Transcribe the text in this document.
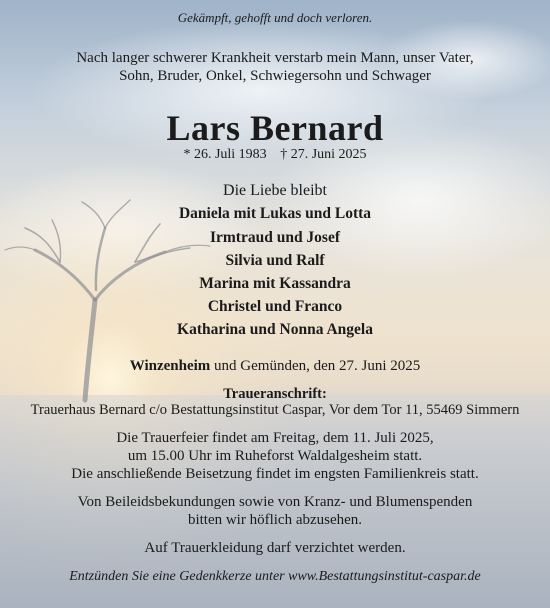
Gekämpft, gehofft und doch verloren.
Nach langer schwerer Krankheit verstarb mein Mann, unser Vater,
Sohn, Bruder, Onkel, Schwiegersohn und Schwager
Lars Bernard
* 26. Juli 1983 † 27. Juni 2025
Die Liebe bleibt
Daniela mit Lukas und Lotta
Irmtraud und Josef
Silvia und Ralf
Marina mit Kassandra
Christel und Franco
Katharina und Nonna Angela
Winzenheim und Gemünden, den 27. Juni 2025
Traueranschrift:
Trauerhaus Bernard c/o Bestattungsinstitut Caspar, Vor dem Tor 11, 55469 Simmern
Die Trauerfeier findet am Freitag, dem 11. Juli 2025,
um 15.00 Uhr im Ruheforst Waldalgesheim statt.
Die anschließende Beisetzung findet im engsten Familienkreis statt.
Von Beileidsbekundungen sowie von Kranz- und Blumenspenden
bitten wir höflich abzusehen.
Auf Trauerkleidung darf verzichtet werden.
Entzünden Sie eine Gedenkkerze unter www.Bestattungsinstitut-caspar.de
